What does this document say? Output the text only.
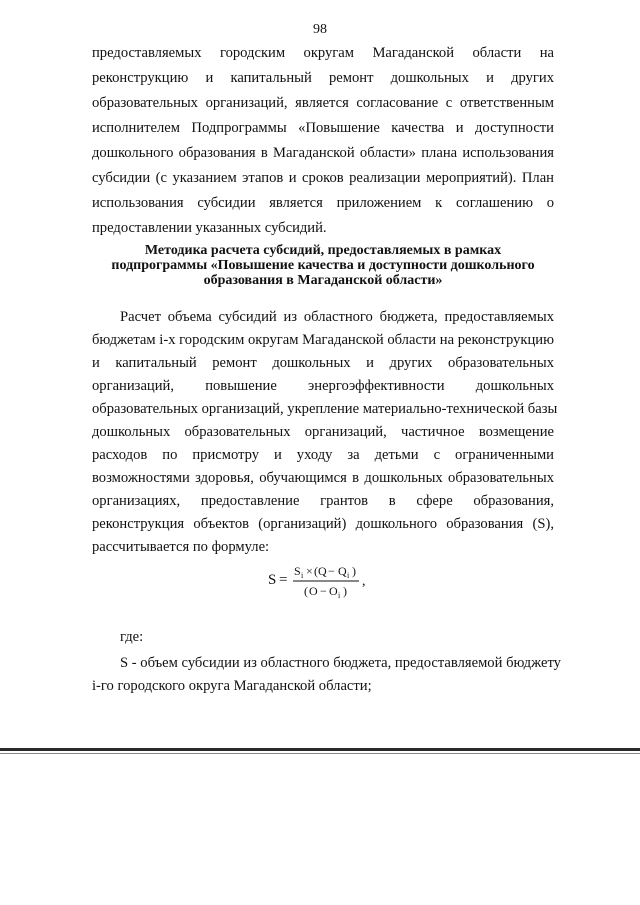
98
предоставляемых городским округам Магаданской области на
реконструкцию и капитальный ремонт дошкольных и других
образовательных организаций, является согласование с ответственным
исполнителем Подпрограммы «Повышение качества и доступности
дошкольного образования в Магаданской области» плана использования
субсидии (с указанием этапов и сроков реализации мероприятий). План
использования субсидии является приложением к соглашению о
предоставлении указанных субсидий.
Методика расчета субсидий, предоставляемых в рамках
подпрограммы «Повышение качества и доступности дошкольного
образования в Магаданской области»
Расчет объема субсидий из областного бюджета, предоставляемых
бюджетам i-х городским округам Магаданской области на реконструкцию
и капитальный ремонт дошкольных и других образовательных
организаций, повышение энергоэффективности дошкольных
образовательных организаций, укрепление материально-технической базы
дошкольных образовательных организаций, частичное возмещение
расходов по присмотру и уходу за детьми с ограниченными
возможностями здоровья, обучающимся в дошкольных образовательных
организациях, предоставление грантов в сфере образования,
реконструкция объектов (организаций) дошкольного образования (S),
рассчитывается по формуле:
S =
S i × ( Q − Q i )
( O − O i )
,
где:
S - объем субсидии из областного бюджета, предоставляемой бюджету
i-го городского округа Магаданской области;
